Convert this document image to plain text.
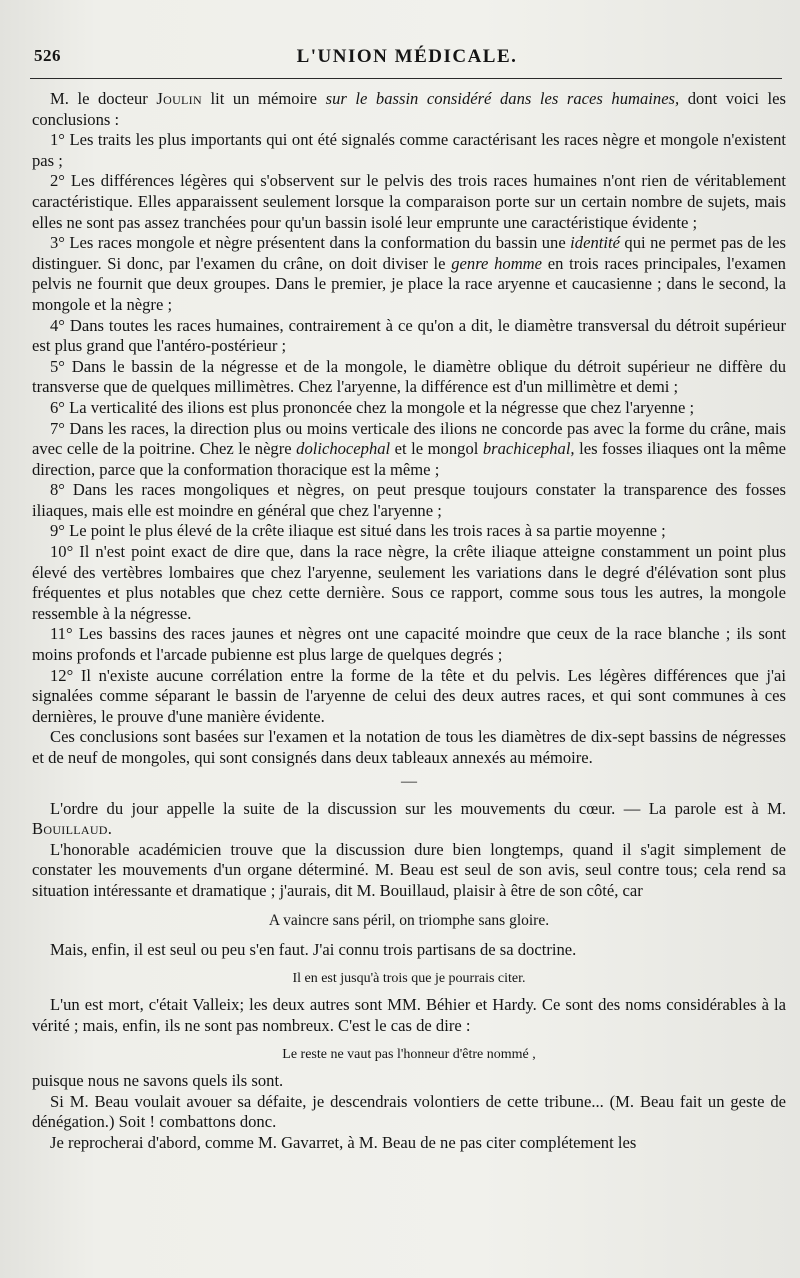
526	L'UNION MÉDICALE.

M. le docteur Joulin lit un mémoire sur le bassin considéré dans les races humaines, dont voici les conclusions :

1° Les traits les plus importants qui ont été signalés comme caractérisant les races nègre et mongole n'existent pas ;

2° Les différences légères qui s'observent sur le pelvis des trois races humaines n'ont rien de véritablement caractéristique. Elles apparaissent seulement lorsque la comparaison porte sur un certain nombre de sujets, mais elles ne sont pas assez tranchées pour qu'un bassin isolé leur emprunte une caractéristique évidente ;

3° Les races mongole et nègre présentent dans la conformation du bassin une identité qui ne permet pas de les distinguer. Si donc, par l'examen du crâne, on doit diviser le genre homme en trois races principales, l'examen pelvis ne fournit que deux groupes. Dans le premier, je place la race aryenne et caucasienne ; dans le second, la mongole et la nègre ;

4° Dans toutes les races humaines, contrairement à ce qu'on a dit, le diamètre transversal du détroit supérieur est plus grand que l'antéro-postérieur ;

5° Dans le bassin de la négresse et de la mongole, le diamètre oblique du détroit supérieur ne diffère du transverse que de quelques millimètres. Chez l'aryenne, la différence est d'un millimètre et demi ;

6° La verticalité des ilions est plus prononcée chez la mongole et la négresse que chez l'aryenne ;

7° Dans les races, la direction plus ou moins verticale des ilions ne concorde pas avec la forme du crâne, mais avec celle de la poitrine. Chez le nègre dolichocephal et le mongol brachicephal, les fosses iliaques ont la même direction, parce que la conformation thoracique est la même ;

8° Dans les races mongoliques et nègres, on peut presque toujours constater la transparence des fosses iliaques, mais elle est moindre en général que chez l'aryenne ;

9° Le point le plus élevé de la crête iliaque est situé dans les trois races à sa partie moyenne ;

10° Il n'est point exact de dire que, dans la race nègre, la crête iliaque atteigne constamment un point plus élevé des vertèbres lombaires que chez l'aryenne, seulement les variations dans le degré d'élévation sont plus fréquentes et plus notables que chez cette dernière. Sous ce rapport, comme sous tous les autres, la mongole ressemble à la négresse.

11° Les bassins des races jaunes et nègres ont une capacité moindre que ceux de la race blanche ; ils sont moins profonds et l'arcade pubienne est plus large de quelques degrés ;

12° Il n'existe aucune corrélation entre la forme de la tête et du pelvis. Les légères différences que j'ai signalées comme séparant le bassin de l'aryenne de celui des deux autres races, et qui sont communes à ces dernières, le prouve d'une manière évidente.

Ces conclusions sont basées sur l'examen et la notation de tous les diamètres de dix-sept bassins de négresses et de neuf de mongoles, qui sont consignés dans deux tableaux annexés au mémoire.

—

L'ordre du jour appelle la suite de la discussion sur les mouvements du cœur. — La parole est à M. Bouillaud.

L'honorable académicien trouve que la discussion dure bien longtemps, quand il s'agit simplement de constater les mouvements d'un organe déterminé. M. Beau est seul de son avis, seul contre tous; cela rend sa situation intéressante et dramatique ; j'aurais, dit M. Bouillaud, plaisir à être de son côté, car

A vaincre sans péril, on triomphe sans gloire.

Mais, enfin, il est seul ou peu s'en faut. J'ai connu trois partisans de sa doctrine.

Il en est jusqu'à trois que je pourrais citer.

L'un est mort, c'était Valleix; les deux autres sont MM. Béhier et Hardy. Ce sont des noms considérables à la vérité ; mais, enfin, ils ne sont pas nombreux. C'est le cas de dire :

Le reste ne vaut pas l'honneur d'être nommé ,

puisque nous ne savons quels ils sont.

Si M. Beau voulait avouer sa défaite, je descendrais volontiers de cette tribune... (M. Beau fait un geste de dénégation.) Soit ! combattons donc.

Je reprocherai d'abord, comme M. Gavarret, à M. Beau de ne pas citer complétement les
